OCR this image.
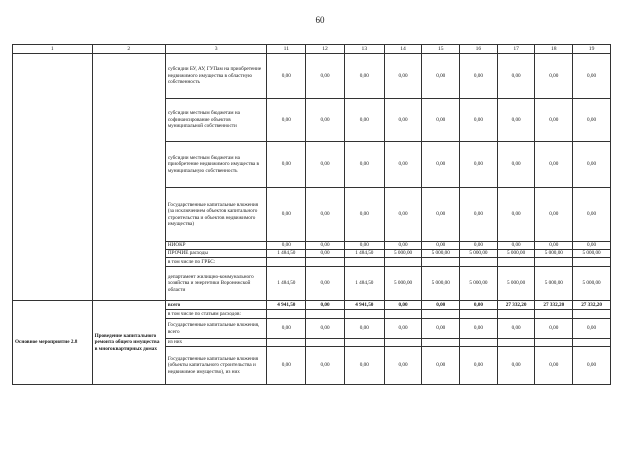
60
1	2	3	11	12	13	14	15	16	17	18	19
		субсидии БУ, АУ, ГУПам на приобретение недвижимого имущества в областную собственность	0,00	0,00	0,00	0,00	0,00	0,00	0,00	0,00	0,00
		субсидии местным бюджетам на софинансирование объектов муниципальной собственности	0,00	0,00	0,00	0,00	0,00	0,00	0,00	0,00	0,00
		субсидии местным бюджетам на приобретение недвижимого имущества в муниципальную собственность	0,00	0,00	0,00	0,00	0,00	0,00	0,00	0,00	0,00
		Государственные капитальные вложения (за исключением объектов капитального строительства и объектов недвижимого имущества)	0,00	0,00	0,00	0,00	0,00	0,00	0,00	0,00	0,00
		НИОКР	0,00	0,00	0,00	0,00	0,00	0,00	0,00	0,00	0,00
		ПРОЧИЕ расходы	1 484,50	0,00	1 484,50	5 000,00	5 000,00	5 000,00	5 000,00	5 000,00	5 000,00
		в том числе по ГРБС:									
		департамент жилищно-коммунального хозяйства и энергетики Воронежской области	1 484,50	0,00	1 484,50	5 000,00	5 000,00	5 000,00	5 000,00	5 000,00	5 000,00
Основное мероприятие 2.8	Проведение капитального ремонта общего имущества в многоквартирных домах	всего	4 941,50	0,00	4 941,50	0,00	0,00	0,00	27 332,20	27 332,20	27 332,20
		в том числе по статьям расходов:									
		Государственные капитальные вложения, всего	0,00	0,00	0,00	0,00	0,00	0,00	0,00	0,00	0,00
		из них									
		Государственные капитальные вложения (объекты капитального строительства и недвижимое имущество), из них	0,00	0,00	0,00	0,00	0,00	0,00	0,00	0,00	0,00
